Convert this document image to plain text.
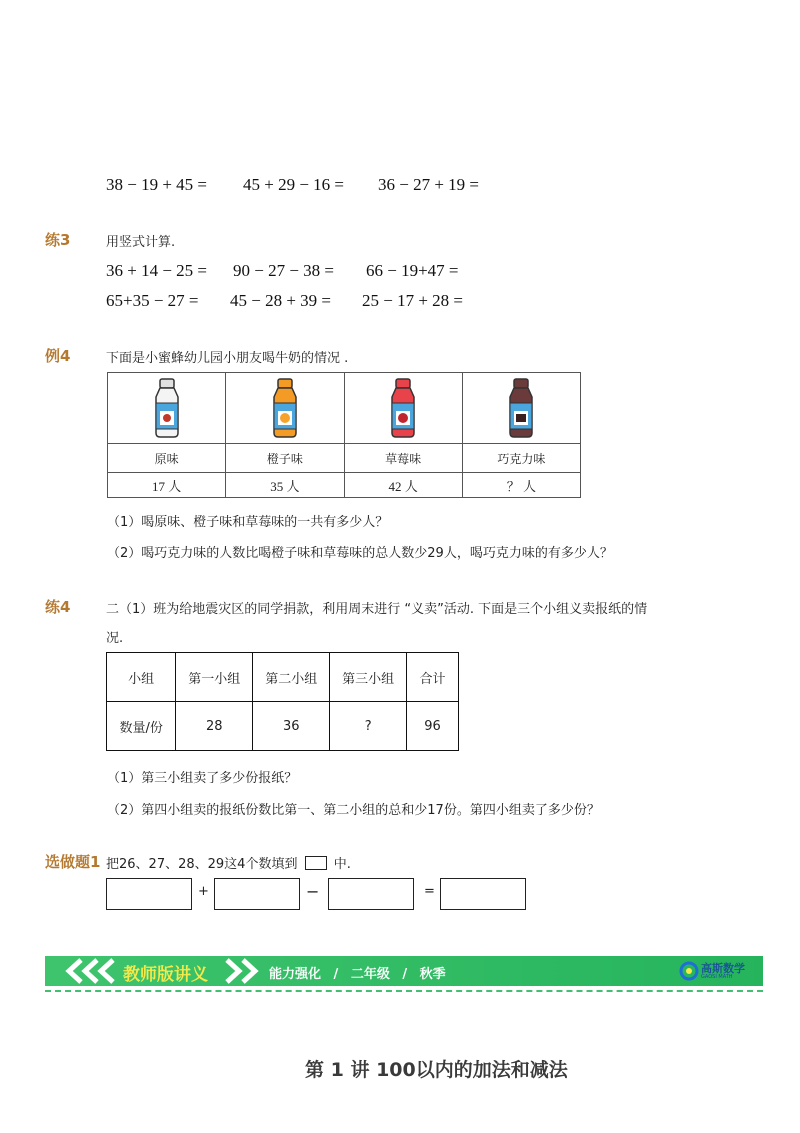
38 − 19 + 45 = 45 + 29 − 16 = 36 − 27 + 19 =
练3	用竖式计算.
36 + 14 − 25 = 90 − 27 − 38 = 66 − 19+47 =
65+35 − 27 = 45 − 28 + 39 = 25 − 17 + 28 =
例4	下面是小蜜蜂幼儿园小朋友喝牛奶的情况 .

原味	橙子味	草莓味	巧克力味
17 人	35 人	42 人	？ 人
（1）喝原味、橙子味和草莓味的一共有多少人？
（2）喝巧克力味的人数比喝橙子味和草莓味的总人数少29人，喝巧克力味的有多少人？
练4	二（1）班为给地震灾区的同学捐款，利用周末进行 “义卖”活动. 下面是三个小组义卖报纸的情
况.
小组	第一小组	第二小组	第三小组	合计
数量/份	28	36	?	96
（1）第三小组卖了多少份报纸？
（2）第四小组卖的报纸份数比第一、第二小组的总和少17份。第四小组卖了多少份？
选做题1 把26、27、28、29这4个数填到	中.
+	−	=
教师版讲义	能力强化 / 二年级 / 秋季	高斯数学
GAOSI MATH
第 1 讲 100以内的加法和减法
